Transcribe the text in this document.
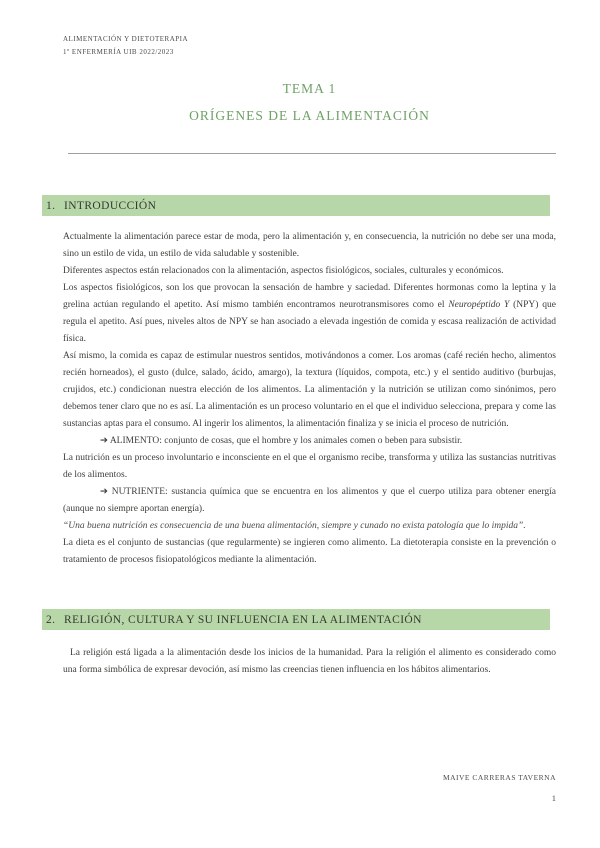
ALIMENTACIÓN Y DIETOTERAPIA
1º ENFERMERÍA UIB 2022/2023
TEMA 1
ORÍGENES DE LA ALIMENTACIÓN
1. INTRODUCCIÓN

Actualmente la alimentación parece estar de moda, pero la alimentación y, en consecuencia, la nutrición no debe ser una moda, sino un estilo de vida, un estilo de vida saludable y sostenible.

Diferentes aspectos están relacionados con la alimentación, aspectos fisiológicos, sociales, culturales y económicos.

Los aspectos fisiológicos, son los que provocan la sensación de hambre y saciedad. Diferentes hormonas como la leptina y la grelina actúan regulando el apetito. Así mismo también encontramos neurotransmisores como el Neuropéptido Y (NPY) que regula el apetito. Así pues, niveles altos de NPY se han asociado a elevada ingestión de comida y escasa realización de actividad física.

Así mismo, la comida es capaz de estimular nuestros sentidos, motivándonos a comer. Los aromas (café recién hecho, alimentos recién horneados), el gusto (dulce, salado, ácido, amargo), la textura (líquidos, compota, etc.) y el sentido auditivo (burbujas, crujidos, etc.) condicionan nuestra elección de los alimentos. La alimentación y la nutrición se utilizan como sinónimos, pero debemos tener claro que no es así. La alimentación es un proceso voluntario en el que el individuo selecciona, prepara y come las sustancias aptas para el consumo. Al ingerir los alimentos, la alimentación finaliza y se inicia el proceso de nutrición.

➔ ALIMENTO: conjunto de cosas, que el hombre y los animales comen o beben para subsistir.

La nutrición es un proceso involuntario e inconsciente en el que el organismo recibe, transforma y utiliza las sustancias nutritivas de los alimentos.

➔ NUTRIENTE: sustancia química que se encuentra en los alimentos y que el cuerpo utiliza para obtener energía (aunque no siempre aportan energía).

“Una buena nutrición es consecuencia de una buena alimentación, siempre y cunado no exista patología que lo impida”.

La dieta es el conjunto de sustancias (que regularmente) se ingieren como alimento. La dietoterapia consiste en la prevención o tratamiento de procesos fisiopatológicos mediante la alimentación.

2. RELIGIÓN, CULTURA Y SU INFLUENCIA EN LA ALIMENTACIÓN

La religión está ligada a la alimentación desde los inicios de la humanidad. Para la religión el alimento es considerado como una forma simbólica de expresar devoción, así mismo las creencias tienen influencia en los hábitos alimentarios.

MAIVE CARRERAS TAVERNA
1
